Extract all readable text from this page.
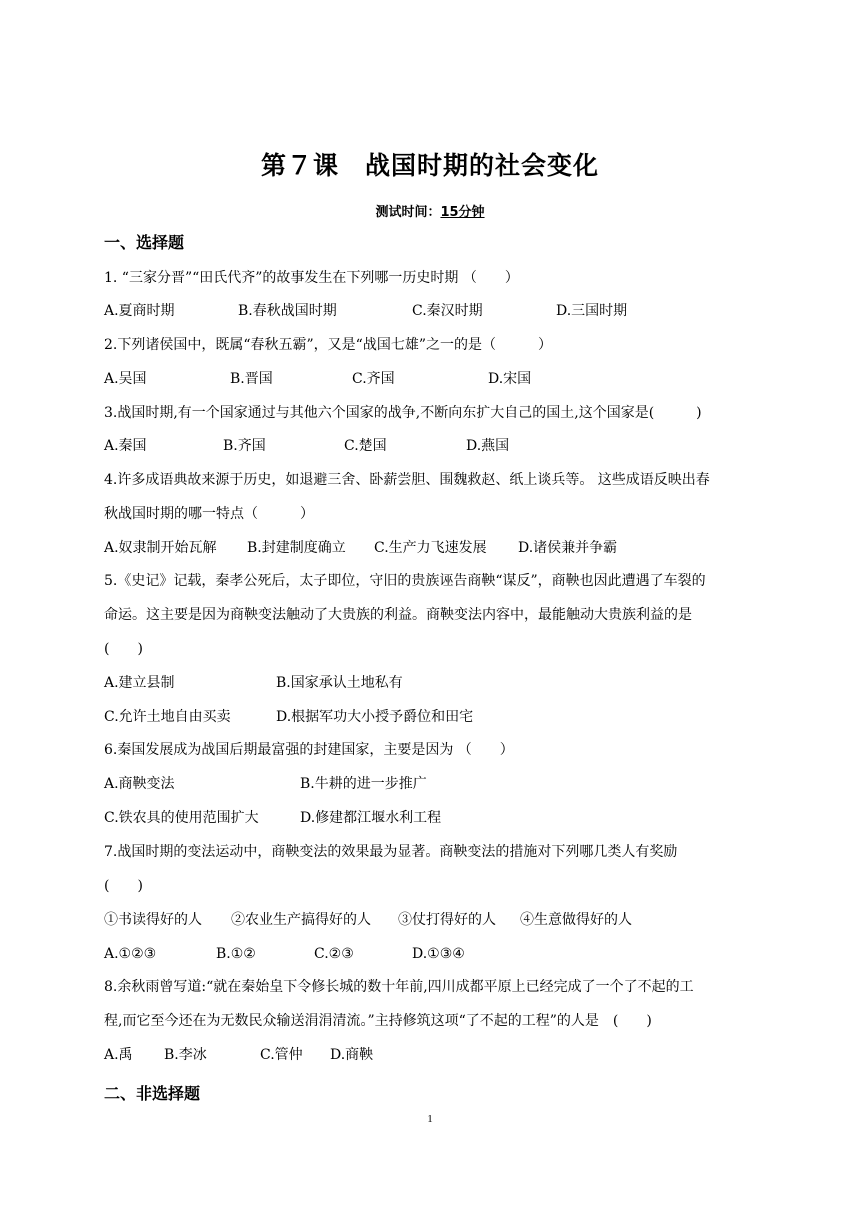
第７课　战国时期的社会变化
测试时间：15分钟
一、选择题
1. “三家分晋”“田氏代齐”的故事发生在下列哪一历史时期 （　　）
A.夏商时期	B.春秋战国时期	C.秦汉时期	D.三国时期
2.下列诸侯国中，既属“春秋五霸”，又是“战国七雄”之一的是（　　　）
A.吴国	B.晋国	C.齐国	D.宋国
3.战国时期,有一个国家通过与其他六个国家的战争,不断向东扩大自己的国土,这个国家是(　　　)
A.秦国	B.齐国	C.楚国	D.燕国
4.许多成语典故来源于历史，如退避三舍、卧薪尝胆、围魏救赵、纸上谈兵等。 这些成语反映出春
秋战国时期的哪一特点（　　　）
A.奴隶制开始瓦解 B.封建制度确立 C.生产力飞速发展 D.诸侯兼并争霸
5.《史记》记载，秦孝公死后，太子即位，守旧的贵族诬告商鞅“谋反”，商鞅也因此遭遇了车裂的
命运。这主要是因为商鞅变法触动了大贵族的利益。商鞅变法内容中，最能触动大贵族利益的是
(　　)
A.建立县制	B.国家承认土地私有
C.允许土地自由买卖	D.根据军功大小授予爵位和田宅
6.秦国发展成为战国后期最富强的封建国家，主要是因为 （　　）
A.商鞅变法	B.牛耕的进一步推广
C.铁农具的使用范围扩大	D.修建都江堰水利工程
7.战国时期的变法运动中，商鞅变法的效果最为显著。商鞅变法的措施对下列哪几类人有奖励
(　　)
①书读得好的人 ②农业生产搞得好的人 ③仗打得好的人 ④生意做得好的人
A.①②③	B.①②	C.②③	D.①③④
8.余秋雨曾写道:“就在秦始皇下令修长城的数十年前,四川成都平原上已经完成了一个了不起的工
程,而它至今还在为无数民众输送涓涓清流。”主持修筑这项“了不起的工程”的人是　(　　)
A.禹 B.李冰	C.管仲 D.商鞅
二、非选择题
1
